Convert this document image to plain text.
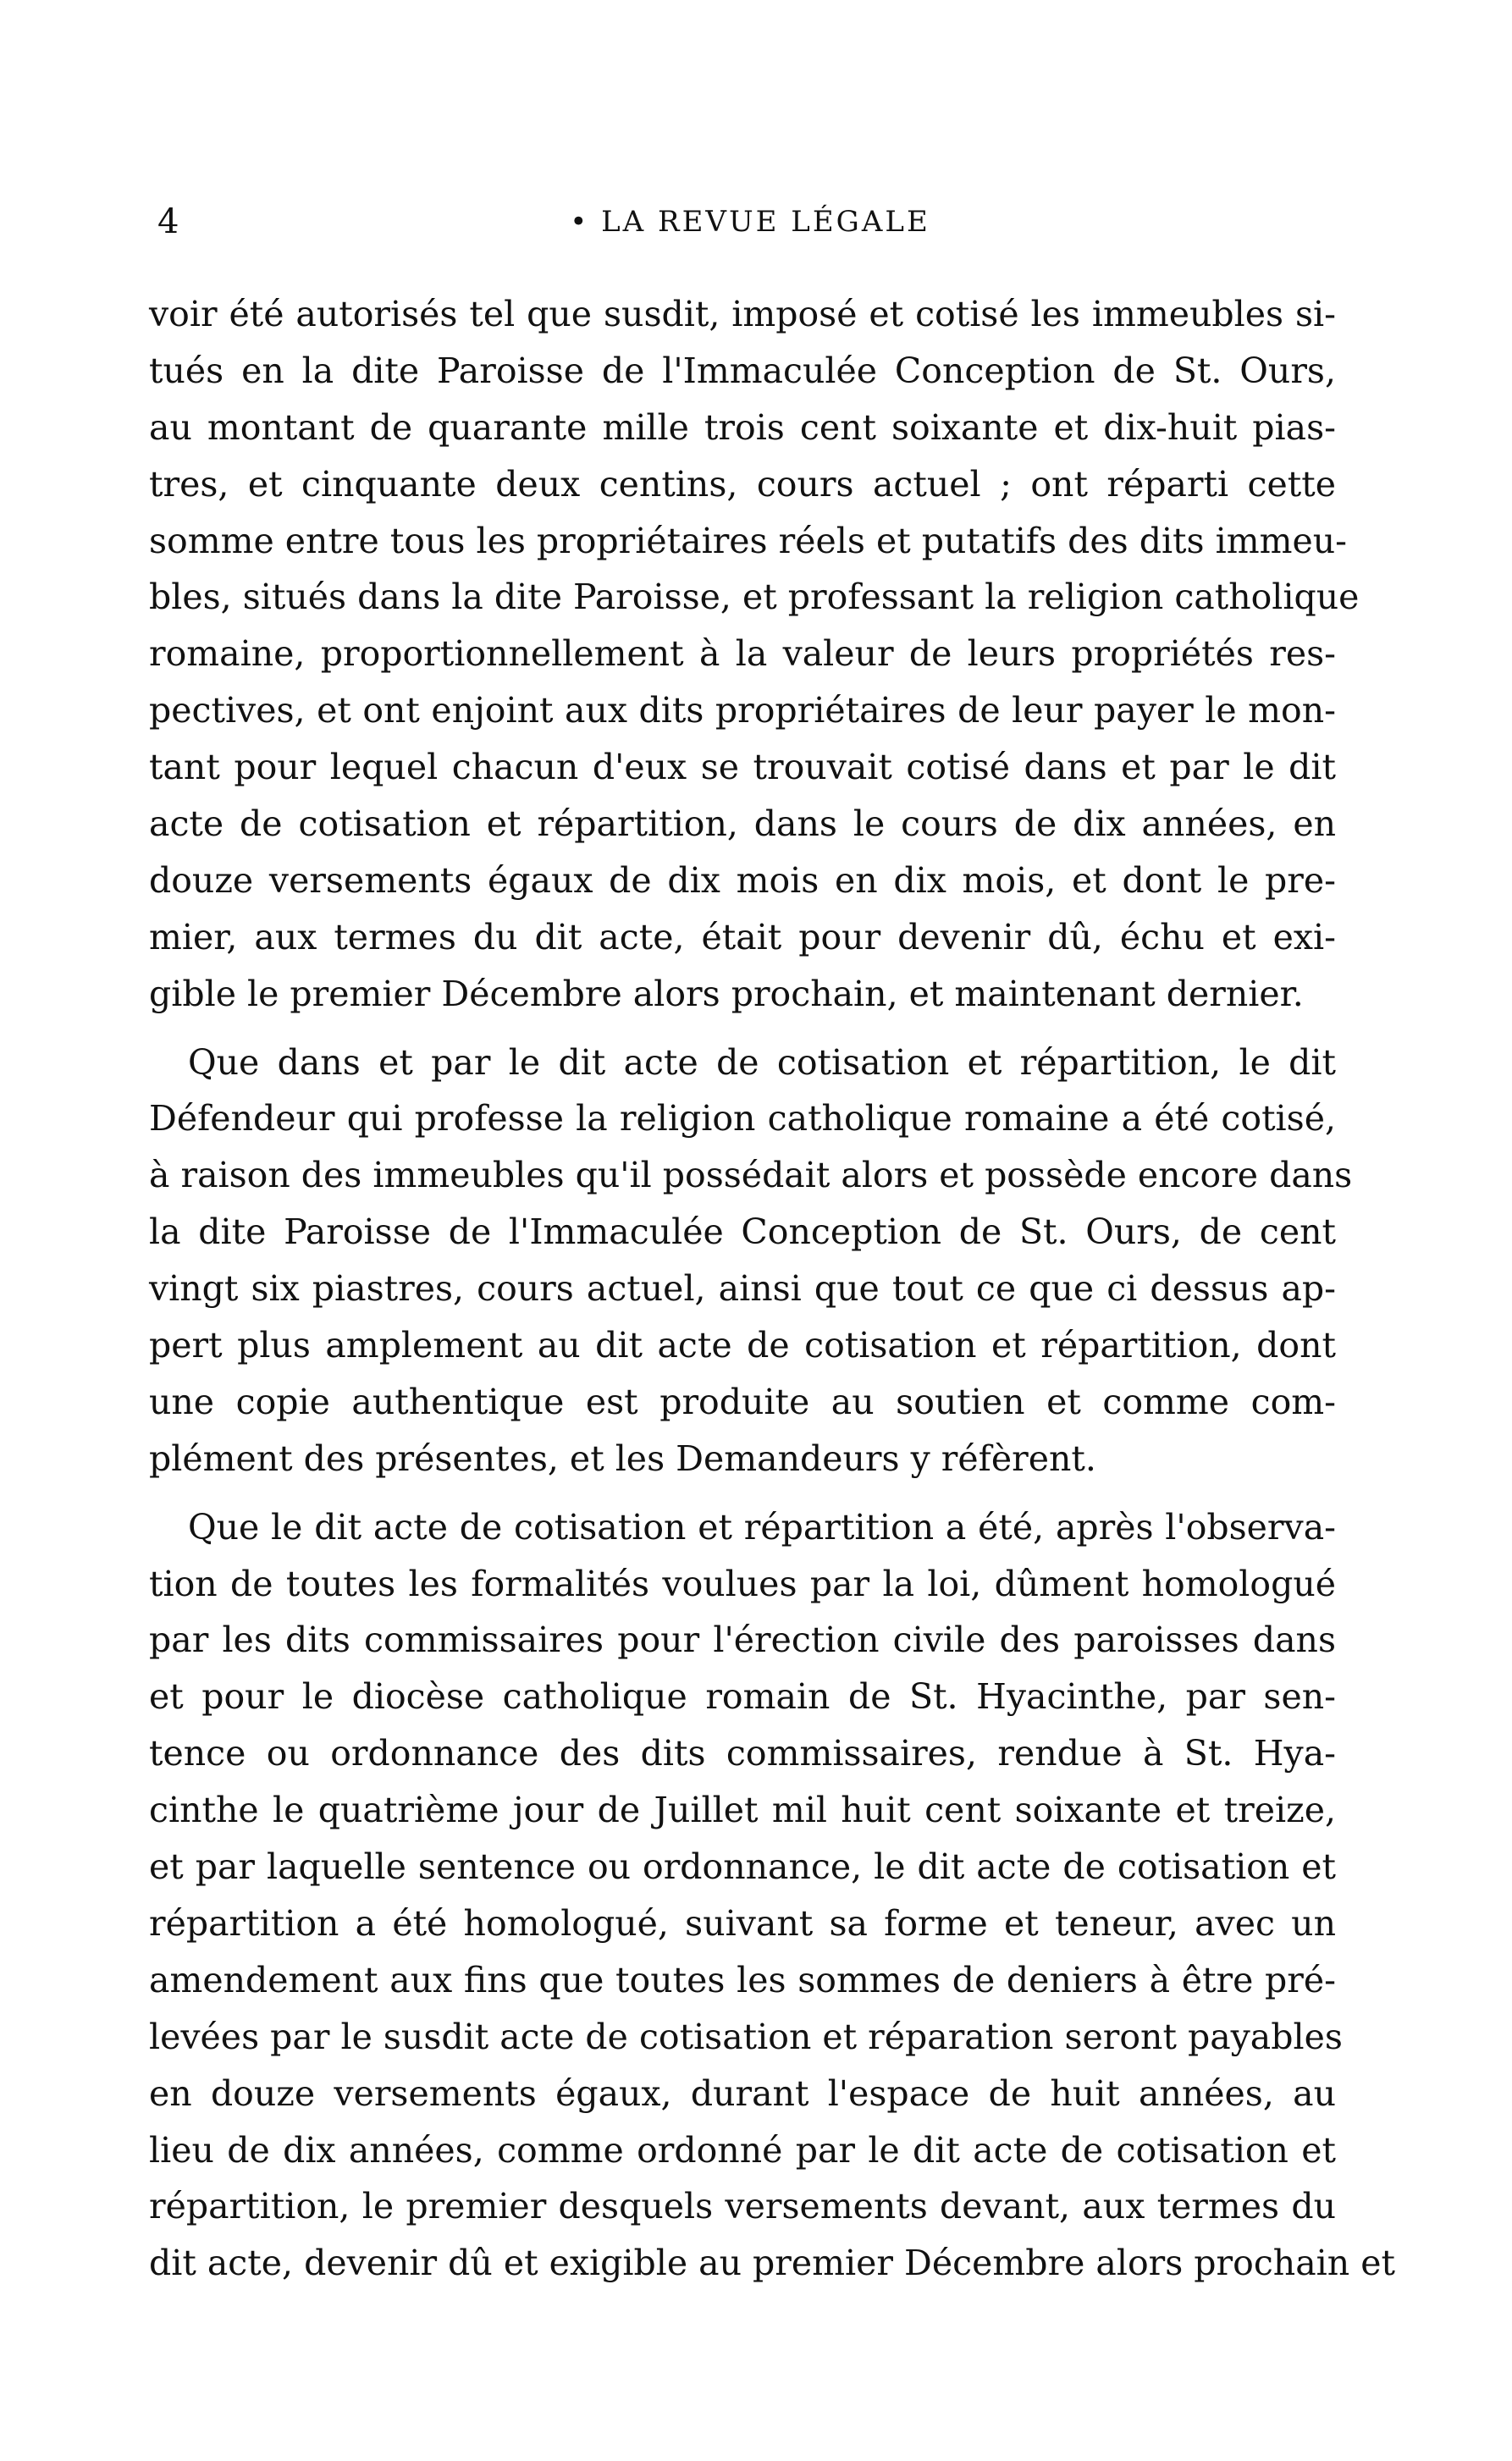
4	• LA REVUE LÉGALE
voir été autorisés tel que susdit, imposé et cotisé les immeubles si-
tués en la dite Paroisse de l'Immaculée Conception de St. Ours,
au montant de quarante mille trois cent soixante et dix-huit pias-
tres, et cinquante deux centins, cours actuel ; ont réparti cette
somme entre tous les propriétaires réels et putatifs des dits immeu-
bles, situés dans la dite Paroisse, et professant la religion catholique
romaine, proportionnellement à la valeur de leurs propriétés res-
pectives, et ont enjoint aux dits propriétaires de leur payer le mon-
tant pour lequel chacun d'eux se trouvait cotisé dans et par le dit
acte de cotisation et répartition, dans le cours de dix années, en
douze versements égaux de dix mois en dix mois, et dont le pre-
mier, aux termes du dit acte, était pour devenir dû, échu et exi-
gible le premier Décembre alors prochain, et maintenant dernier.
Que dans et par le dit acte de cotisation et répartition, le dit
Défendeur qui professe la religion catholique romaine a été cotisé,
à raison des immeubles qu'il possédait alors et possède encore dans
la dite Paroisse de l'Immaculée Conception de St. Ours, de cent
vingt six piastres, cours actuel, ainsi que tout ce que ci dessus ap-
pert plus amplement au dit acte de cotisation et répartition, dont
une copie authentique est produite au soutien et comme com-
plément des présentes, et les Demandeurs y réfèrent.
Que le dit acte de cotisation et répartition a été, après l'observa-
tion de toutes les formalités voulues par la loi, dûment homologué
par les dits commissaires pour l'érection civile des paroisses dans
et pour le diocèse catholique romain de St. Hyacinthe, par sen-
tence ou ordonnance des dits commissaires, rendue à St. Hya-
cinthe le quatrième jour de Juillet mil huit cent soixante et treize,
et par laquelle sentence ou ordonnance, le dit acte de cotisation et
répartition a été homologué, suivant sa forme et teneur, avec un
amendement aux fins que toutes les sommes de deniers à être pré-
levées par le susdit acte de cotisation et réparation seront payables
en douze versements égaux, durant l'espace de huit années, au
lieu de dix années, comme ordonné par le dit acte de cotisation et
répartition, le premier desquels versements devant, aux termes du
dit acte, devenir dû et exigible au premier Décembre alors prochain et
